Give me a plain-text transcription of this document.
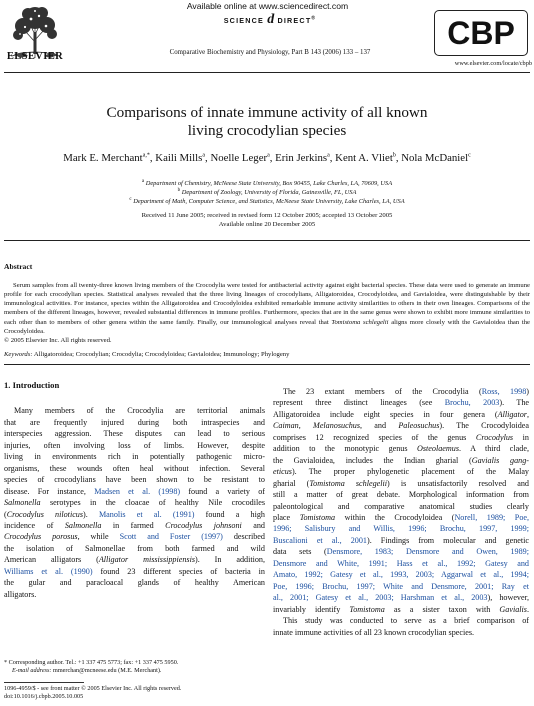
ELSEVIER
Available online at www.sciencedirect.com
SCIENCE d DIRECT®
Comparative Biochemistry and Physiology, Part B 143 (2006) 133 – 137
CBP
www.elsevier.com/locate/cbpb
Comparisons of innate immune activity of all known
living crocodylian species
Mark E. Merchant$^{a,*}$, Kaili Mills$^a$, Noelle Leger$^a$, Erin Jerkins$^a$, Kent A. Vliet$^b$, Nola McDaniel$^c$
$^a$ Department of Chemistry, McNeese State University, Box 90455, Lake Charles, LA, 70609, USA
$^b$ Department of Zoology, University of Florida, Gainesville, FL, USA
$^c$ Department of Math, Computer Science, and Statistics, McNeese State University, Lake Charles, LA, USA
Received 11 June 2005; received in revised form 12 October 2005; accepted 13 October 2005
Available online 20 December 2005
Abstract

Serum samples from all twenty-three known living members of the Crocodylia were tested for antibacterial activity against eight bacterial species. These data were used to generate an immune profile for each crocodylian species. Statistical analyses revealed that the three living lineages of crocodylians, Alligatoroidea, Crocodyloidea, and Gavialoidea, were distinguishable by their immunological activities. For instance, species within the Alligatoroidea and Crocodyloidea exhibited remarkable immune activity similarities to others in their own lineages. Comparisons of the members of the different lineages, however, revealed substantial differences in immune profiles. Furthermore, species that are in the same genus were shown to exhibit more immune similarities to each other than to members of other genera within the same family. Finally, our immunological analyses reveal that Tomistoma schlegelii aligns more closely with the Gavialoidea than the Crocodyloidea.

© 2005 Elsevier Inc. All rights reserved.

Keywords: Alligatoroidea; Crocodylian; Crocodylia; Crocodyloidea; Gavialoidea; Immunology; Phylogeny
1. Introduction
Many members of the Crocodylia are territorial animals
that are frequently injured during both intraspecies and
interspecies aggression. These disputes can lead to serious
injuries, often involving loss of limbs. However, despite
living in environments rich in potentially pathogenic micro-
organisms, these wounds often heal without infection. Several
species of crocodylians have been shown to be resistant to
disease. For instance, Madsen et al. (1998) found a variety of
Salmonella serotypes in the cloacae of healthy Nile crocodiles
(Crocodylus niloticus). Manolis et al. (1991) found a high
incidence of Salmonella in farmed Crocodylus johnsoni and
Crocodylus porosus, while Scott and Foster (1997) described
the isolation of Salmonellae from both farmed and wild
American alligators (Alligator mississippiensis). In addition,
Williams et al. (1990) found 23 different species of bacteria in
the gular and paracloacal glands of healthy American
alligators.
The 23 extant members of the Crocodylia (Ross, 1998)
represent three distinct lineages (see Brochu, 2003). The
Alligatoroidea include eight species in four genera (Alligator,
Caiman, Melanosuchus, and Paleosuchus). The Crocodyloidea
comprises 12 recognized species of the genus Crocodylus in
addition to the monotypic genus Osteolaemus. A third clade,
the Gavialoidea, includes the Indian gharial (Gavialis gang-
eticus). The proper phylogenetic placement of the Malay
gharial (Tomistoma schlegelii) is unsatisfactorily resolved and
still a matter of great debate. Morphological information from
paleontological and comparative anatomical studies clearly
place Tomistoma within the Crocodyloidea (Norell, 1989; Poe,
1996; Salisbury and Willis, 1996; Brochu, 1997, 1999;
Buscalioni et al., 2001). Findings from molecular and genetic
data sets (Densmore, 1983; Densmore and Owen, 1989;
Densmore and White, 1991; Hass et al., 1992; Gatesy and
Amato, 1992; Gatesy et al., 1993, 2003; Aggarwal et al., 1994;
Poe, 1996; Brochu, 1997; White and Densmore, 2001; Ray et
al., 2001; Gatesy et al., 2003; Harshman et al., 2003), however,
invariably identify Tomistoma as a sister taxon with Gavialis.
This study was conducted to serve as a brief comparison of
innate immune activities of all 23 known crocodylian species.
* Corresponding author. Tel.: +1 337 475 5773; fax: +1 337 475 5950.
E-mail address: mmerchan@mcneese.edu (M.E. Merchant).
1096-4959/$ - see front matter © 2005 Elsevier Inc. All rights reserved.
doi:10.1016/j.cbpb.2005.10.005
